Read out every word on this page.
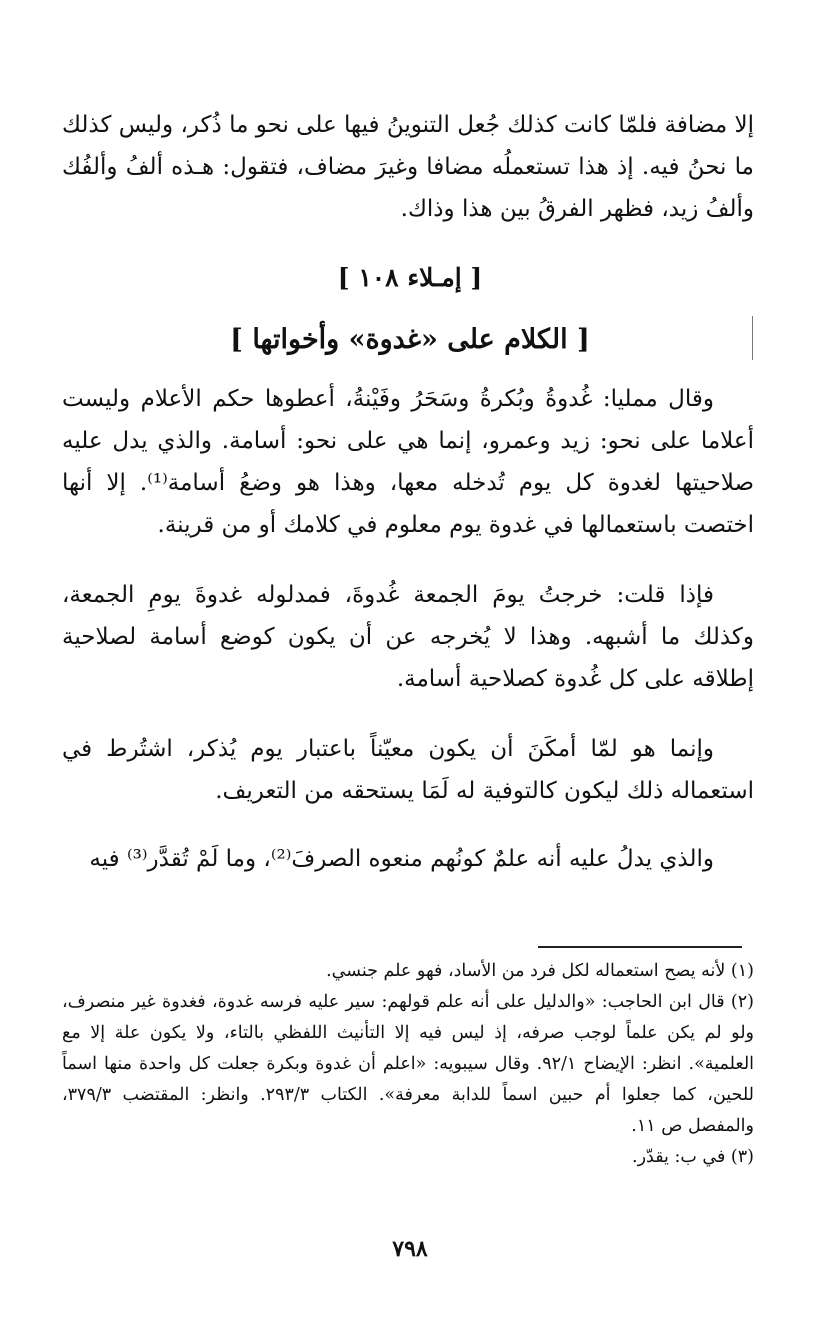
إلا مضافة فلمّا كانت كذلك جُعل التنوينُ فيها على نحو ما ذُكر، وليس كذلك ما نحنُ فيه. إذ هذا تستعملُه مضافا وغيرَ مضاف، فتقول: هـذه ألفُ وألفُك وألفُ زيد، فظهر الفرقُ بين هذا وذاك.

[ إمـلاء ١٠٨ ]
[ الكلام على «غدوة» وأخواتها ]

وقال ممليا: غُدوةُ وبُكرةُ وسَحَرُ وفَيْنةُ، أعطوها حكم الأعلام وليست أعلاما على نحو: زيد وعمرو، إنما هي على نحو: أسامة. والذي يدل عليه صلاحيتها لغدوة كل يوم تُدخله معها، وهذا هو وضعُ أسامة⁽¹⁾. إلا أنها اختصت باستعمالها في غدوة يوم معلوم في كلامك أو من قرينة.

فإذا قلت: خرجتُ يومَ الجمعة غُدوةَ، فمدلوله غدوةَ يومِ الجمعة، وكذلك ما أشبهه. وهذا لا يُخرجه عن أن يكون كوضع أسامة لصلاحية إطلاقه على كل غُدوة كصلاحية أسامة.

وإنما هو لمّا أمكَنَ أن يكون معيّناً باعتبار يوم يُذكر، اشتُرط في استعماله ذلك ليكون كالتوفية له لَمَا يستحقه من التعريف.

والذي يدلُ عليه أنه علمٌ كونُهم منعوه الصرفَ⁽²⁾، وما لَمْ تُقدَّر⁽³⁾ فيه

(١) لأنه يصح استعماله لكل فرد من الأساد، فهو علم جنسي.

(٢) قال ابن الحاجب: «والدليل على أنه علم قولهم: سير عليه فرسه غدوة، فغدوة غير منصرف، ولو لم يكن علماً لوجب صرفه، إذ ليس فيه إلا التأنيث اللفظي بالتاء، ولا يكون علة إلا مع العلمية». انظر: الإيضاح ٩٢/١. وقال سيبويه: «اعلم أن غدوة وبكرة جعلت كل واحدة منها اسماً للحين، كما جعلوا أم حبين اسماً للدابة معرفة». الكتاب ٢٩٣/٣. وانظر: المقتضب ٣٧٩/٣، والمفصل ص ١١.

(٣) في ب: يقدّر.

٧٩٨
